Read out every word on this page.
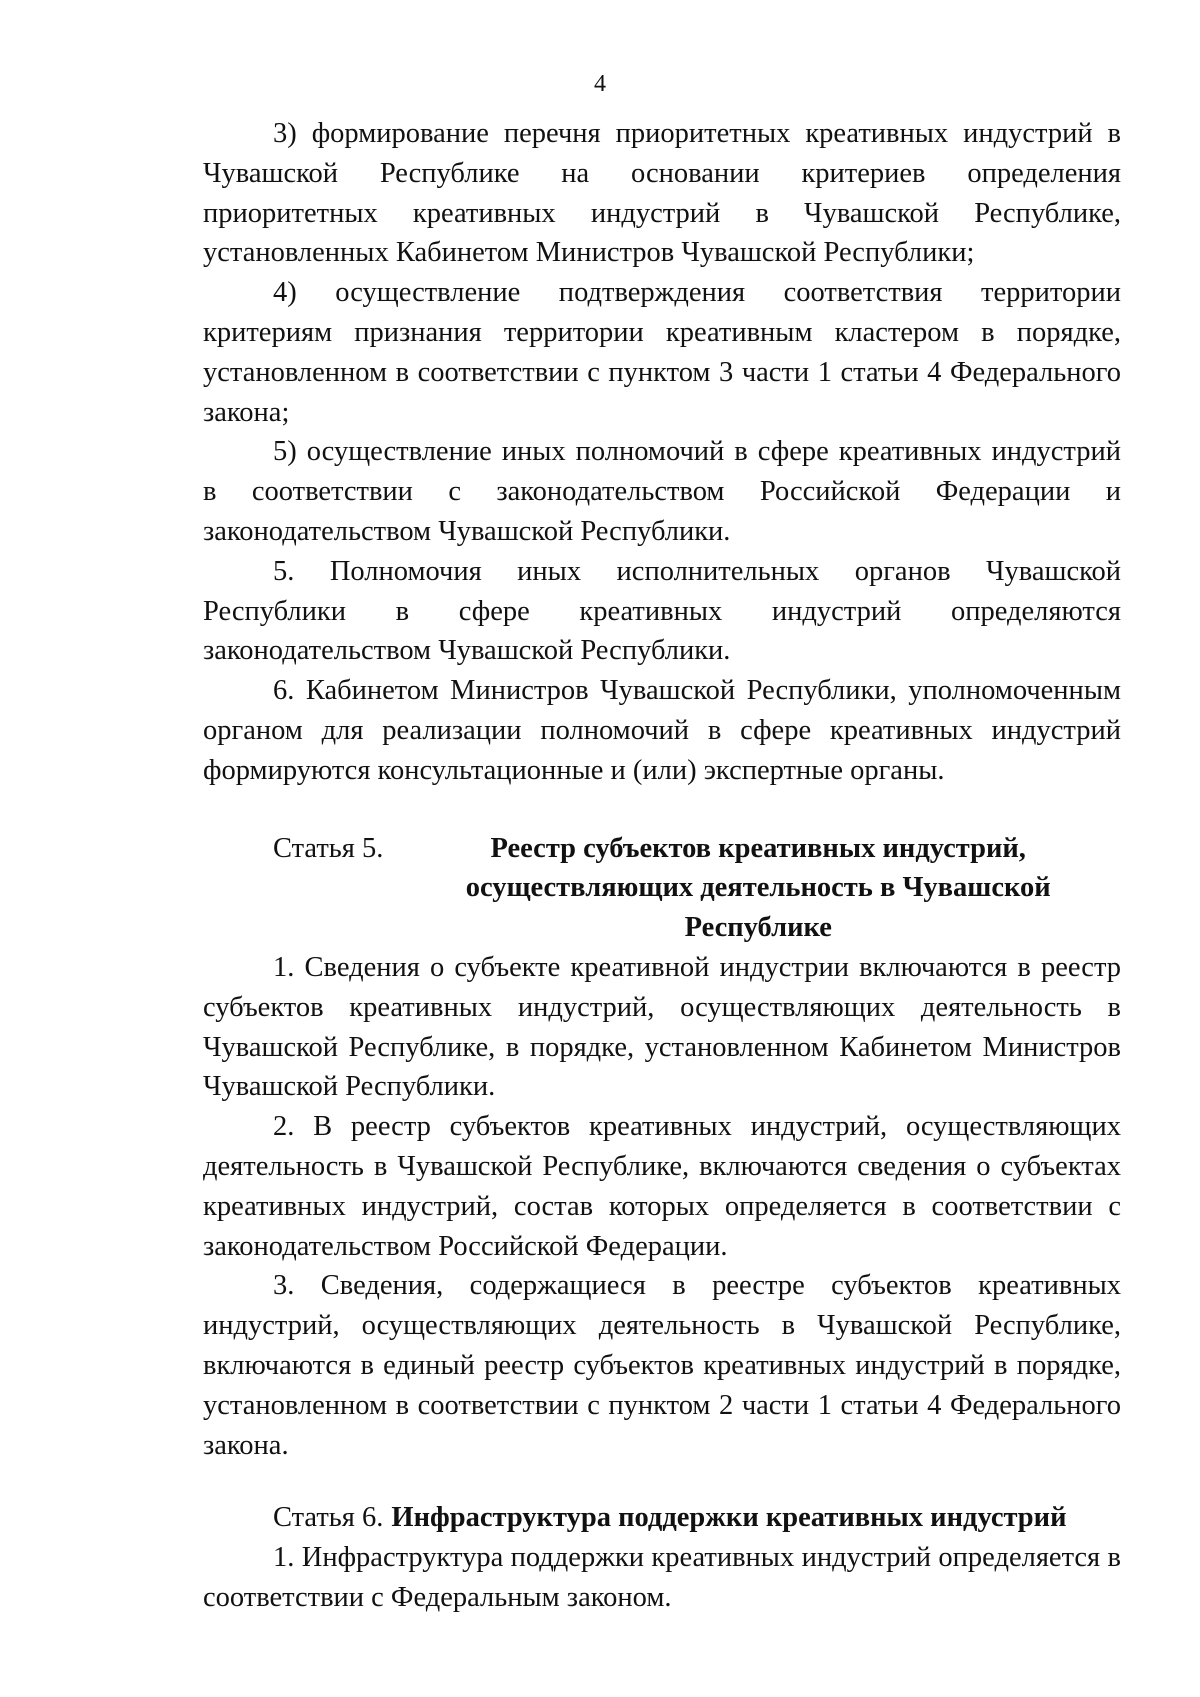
4

3) формирование перечня приоритетных креативных индустрий в Чувашской Республике на основании критериев определения приоритетных креативных индустрий в Чувашской Республике, установленных Кабинетом Министров Чувашской Республики;

4) осуществление подтверждения соответствия территории критериям признания территории креативным кластером в порядке, установленном в соответствии с пунктом 3 части 1 статьи 4 Федерального закона;

5) осуществление иных полномочий в сфере креативных индустрий в соответствии с законодательством Российской Федерации и законодательством Чувашской Республики.

5. Полномочия иных исполнительных органов Чувашской Республики в сфере креативных индустрий определяются законодательством Чувашской Республики.

6. Кабинетом Министров Чувашской Республики, уполномоченным органом для реализации полномочий в сфере креативных индустрий формируются консультационные и (или) экспертные органы.

Статья 5.	Реестр субъектов креативных индустрий, осуществляющих деятельность в Чувашской Республике

1. Сведения о субъекте креативной индустрии включаются в реестр субъектов креативных индустрий, осуществляющих деятельность в Чувашской Республике, в порядке, установленном Кабинетом Министров Чувашской Республики.

2. В реестр субъектов креативных индустрий, осуществляющих деятельность в Чувашской Республике, включаются сведения о субъектах креативных индустрий, состав которых определяется в соответствии с законодательством Российской Федерации.

3. Сведения, содержащиеся в реестре субъектов креативных индустрий, осуществляющих деятельность в Чувашской Республике, включаются в единый реестр субъектов креативных индустрий в порядке, установленном в соответствии с пунктом 2 части 1 статьи 4 Федерального закона.

Статья 6. Инфраструктура поддержки креативных индустрий

1. Инфраструктура поддержки креативных индустрий определяется в соответствии с Федеральным законом.
